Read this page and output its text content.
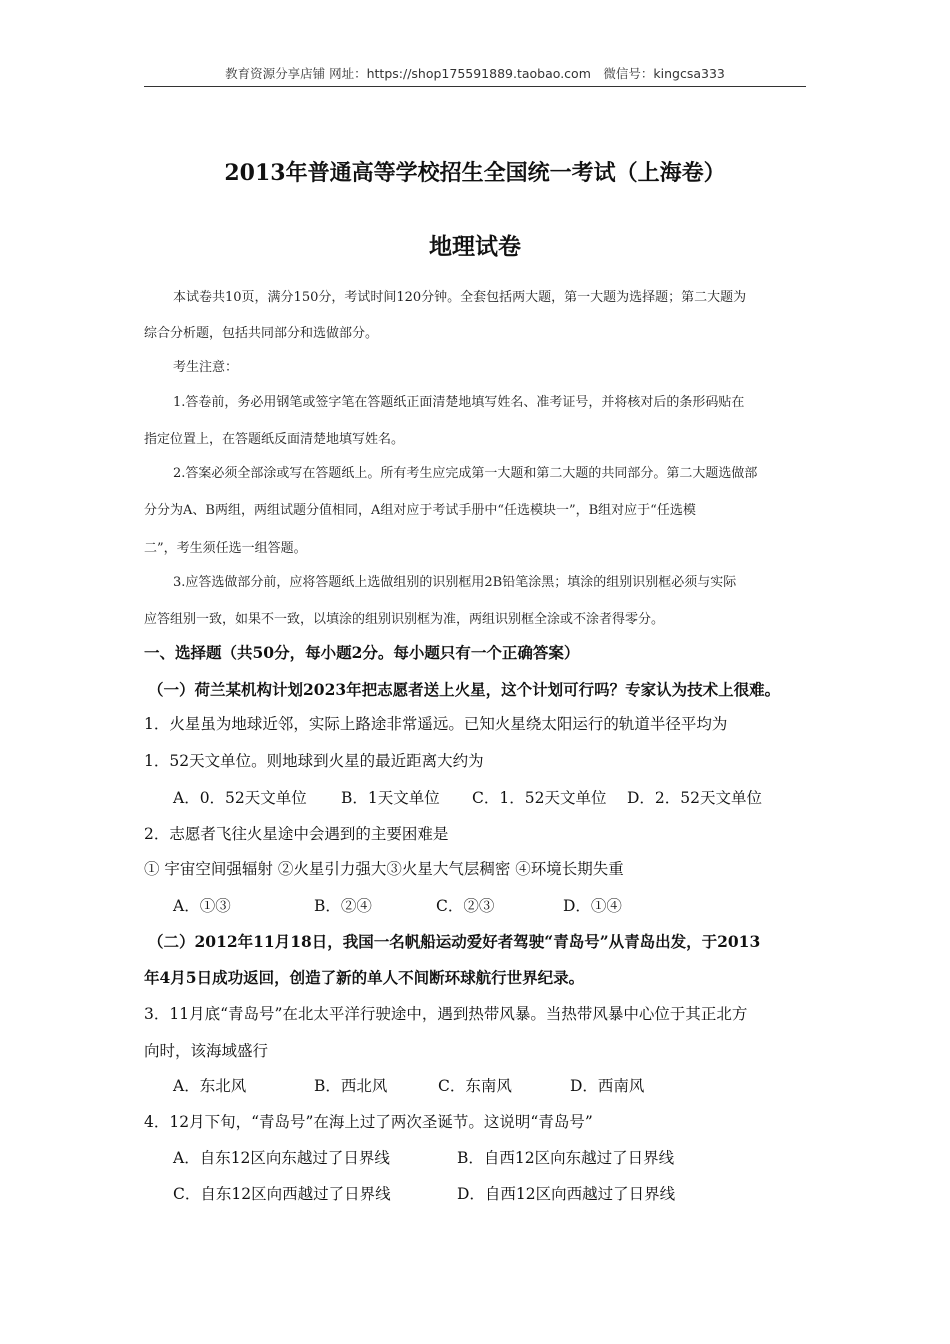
教育资源分享店铺 网址：https://shop175591889.taobao.com　微信号：kingcsa333
2013年普通高等学校招生全国统一考试（上海卷）
地理试卷
本试卷共10页，满分150分，考试时间120分钟。全套包括两大题，第一大题为选择题；第二大题为
综合分析题，包括共同部分和选做部分。
考生注意：
1.答卷前，务必用钢笔或签字笔在答题纸正面清楚地填写姓名、准考证号，并将核对后的条形码贴在
指定位置上，在答题纸反面清楚地填写姓名。
2.答案必须全部涂或写在答题纸上。所有考生应完成第一大题和第二大题的共同部分。第二大题选做部
分分为A、B两组，两组试题分值相同，A组对应于考试手册中“任选模块一”，B组对应于“任选模
二”，考生须任选一组答题。
3.应答选做部分前，应将答题纸上选做组别的识别框用2B铅笔涂黑；填涂的组别识别框必须与实际
应答组别一致，如果不一致，以填涂的组别识别框为准，两组识别框全涂或不涂者得零分。
一、选择题（共50分，每小题2分。每小题只有一个正确答案）
（一）荷兰某机构计划2023年把志愿者送上火星，这个计划可行吗？专家认为技术上很难。
1．火星虽为地球近邻，实际上路途非常遥远。已知火星绕太阳运行的轨道半径平均为
1．52天文单位。则地球到火星的最近距离大约为
A．0．52天文单位 B．1天文单位 C．1．52天文单位 D．2．52天文单位
2．志愿者飞往火星途中会遇到的主要困难是
① 宇宙空间强辐射 ②火星引力强大③火星大气层稠密 ④环境长期失重
A．①③	B．②④	C．②③	D．①④
（二）2012年11月18日，我国一名帆船运动爱好者驾驶“青岛号”从青岛出发，于2013
年4月5日成功返回，创造了新的单人不间断环球航行世界纪录。
3．11月底“青岛号”在北太平洋行驶途中，遇到热带风暴。当热带风暴中心位于其正北方
向时，该海域盛行
A．东北风	B．西北风	C．东南风	D．西南风
4．12月下旬，“青岛号”在海上过了两次圣诞节。这说明“青岛号”
A．自东12区向东越过了日界线	B．自西12区向东越过了日界线
C．自东12区向西越过了日界线	D．自西12区向西越过了日界线
